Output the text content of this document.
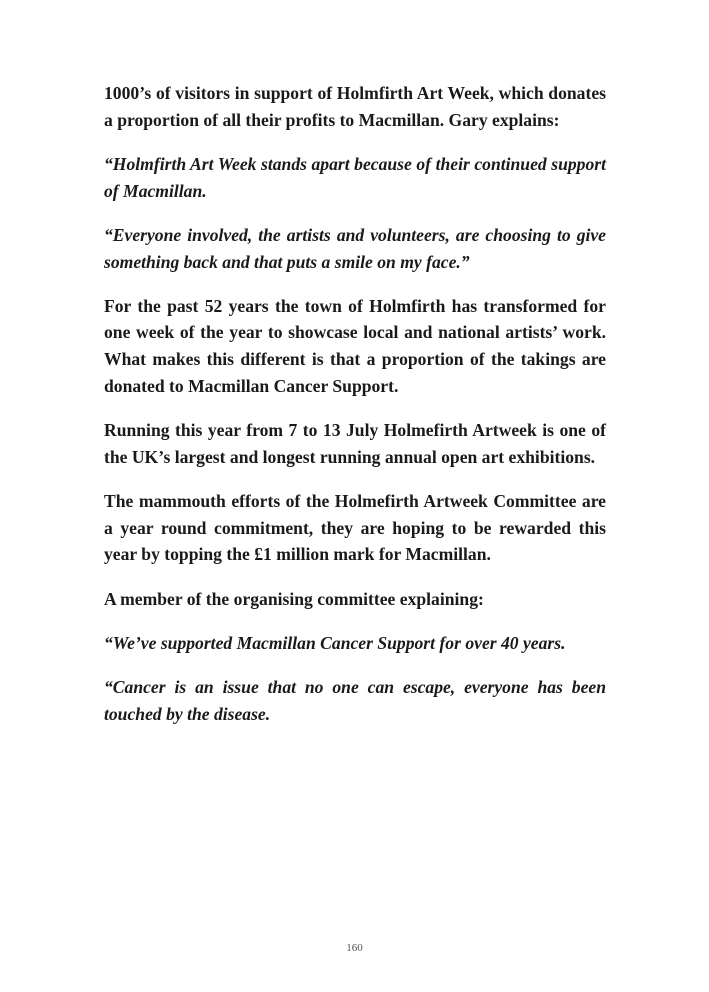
1000’s of visitors in support of Holmfirth Art Week, which donates a proportion of all their profits to Macmillan. Gary explains:

“Holmfirth Art Week stands apart because of their continued support of Macmillan.

“Everyone involved, the artists and volunteers, are choosing to give something back and that puts a smile on my face.”

For the past 52 years the town of Holmfirth has transformed for one week of the year to showcase local and national artists’ work. What makes this different is that a proportion of the takings are donated to Macmillan Cancer Support.

Running this year from 7 to 13 July Holmefirth Artweek is one of the UK’s largest and longest running annual open art exhibitions.

The mammouth efforts of the Holmefirth Artweek Committee are a year round commitment, they are hoping to be rewarded this year by topping the £1 million mark for Macmillan.

A member of the organising committee explaining:

“We’ve supported Macmillan Cancer Support for over 40 years.

“Cancer is an issue that no one can escape, everyone has been touched by the disease.

160
